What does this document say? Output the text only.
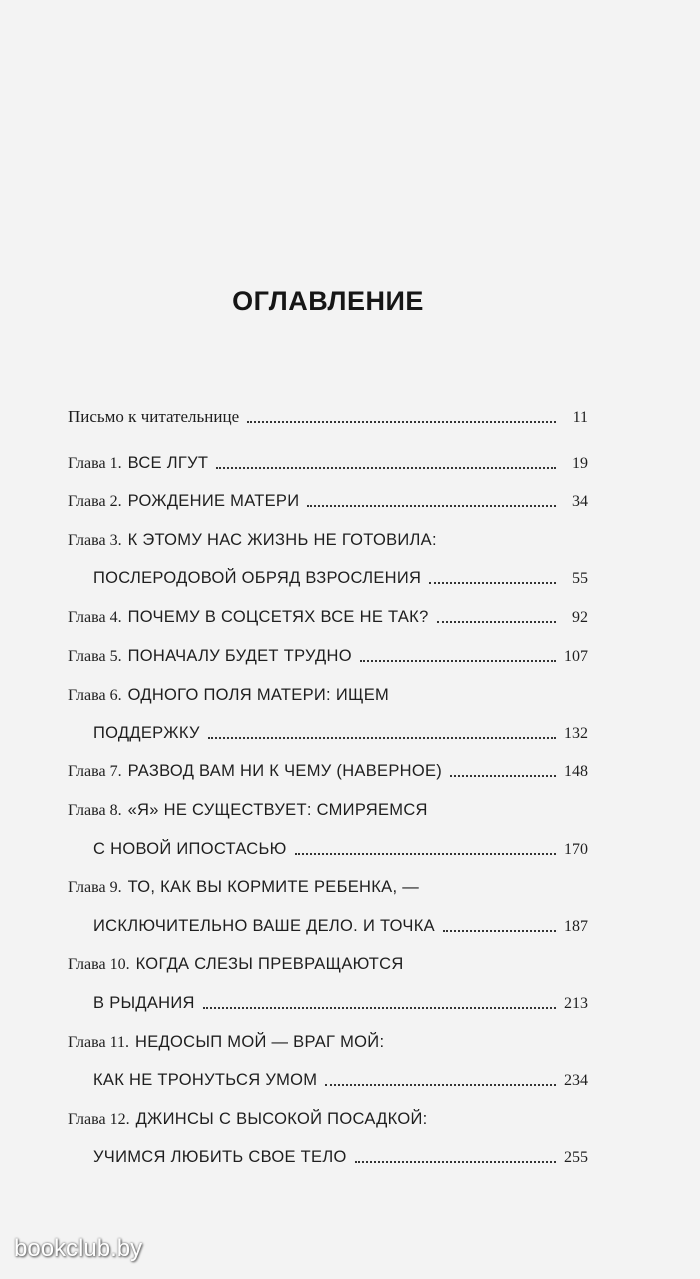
ОГЛАВЛЕНИЕ
Письмо к читательнице	11
Глава 1. ВСЕ ЛГУТ	19
Глава 2. РОЖДЕНИЕ МАТЕРИ	34
Глава 3. К ЭТОМУ НАС ЖИЗНЬ НЕ ГОТОВИЛА:
ПОСЛЕРОДОВОЙ ОБРЯД ВЗРОСЛЕНИЯ	55
Глава 4. ПОЧЕМУ В СОЦСЕТЯХ ВСЕ НЕ ТАК?	92
Глава 5. ПОНАЧАЛУ БУДЕТ ТРУДНО	107
Глава 6. ОДНОГО ПОЛЯ МАТЕРИ: ИЩЕМ
ПОДДЕРЖКУ	132
Глава 7. РАЗВОД ВАМ НИ К ЧЕМУ (НАВЕРНОЕ)	148
Глава 8. «Я» НЕ СУЩЕСТВУЕТ: СМИРЯЕМСЯ
С НОВОЙ ИПОСТАСЬЮ	170
Глава 9. ТО, КАК ВЫ КОРМИТЕ РЕБЕНКА, —
ИСКЛЮЧИТЕЛЬНО ВАШЕ ДЕЛО. И ТОЧКА	187
Глава 10. КОГДА СЛЕЗЫ ПРЕВРАЩАЮТСЯ
В РЫДАНИЯ	213
Глава 11. НЕДОСЫП МОЙ — ВРАГ МОЙ:
КАК НЕ ТРОНУТЬСЯ УМОМ	234
Глава 12. ДЖИНСЫ С ВЫСОКОЙ ПОСАДКОЙ:
УЧИМСЯ ЛЮБИТЬ СВОЕ ТЕЛО	255
bookclub.by
